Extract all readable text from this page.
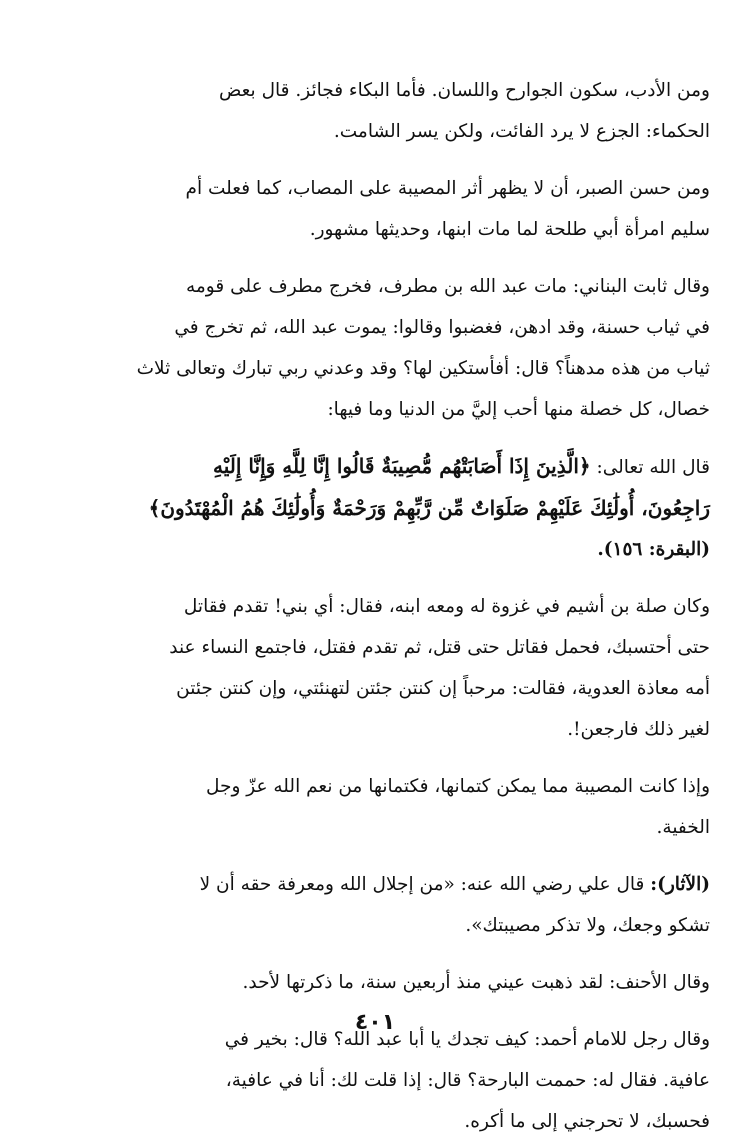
ومن الأدب، سكون الجوارح واللسان. فأما البكاء فجائز. قال بعض
الحكماء: الجزع لا يرد الفائت، ولكن يسر الشامت.

ومن حسن الصبر، أن لا يظهر أثر المصيبة على المصاب، كما فعلت أم
سليم امرأة أبي طلحة لما مات ابنها، وحديثها مشهور.

وقال ثابت البناني: مات عبد الله بن مطرف، فخرج مطرف على قومه
في ثياب حسنة، وقد ادهن، فغضبوا وقالوا: يموت عبد الله، ثم تخرج في
ثياب من هذه مدهناً؟ قال: أفأستكين لها؟ وقد وعدني ربي تبارك وتعالى ثلاث
خصال، كل خصلة منها أحب إليَّ من الدنيا وما فيها:

قال الله تعالى: ﴿الَّذِينَ إِذَا أَصَابَتْهُم مُّصِيبَةٌ قَالُوا إِنَّا لِلَّهِ وَإِنَّا إِلَيْهِ
رَاجِعُونَ، أُولَٰئِكَ عَلَيْهِمْ صَلَوَاتٌ مِّن رَّبِّهِمْ وَرَحْمَةٌ وَأُولَٰئِكَ هُمُ الْمُهْتَدُونَ﴾
(البقرة: ١٥٦).

وكان صلة بن أشيم في غزوة له ومعه ابنه، فقال: أي بني! تقدم فقاتل
حتى أحتسبك، فحمل فقاتل حتى قتل، ثم تقدم فقتل، فاجتمع النساء عند
أمه معاذة العدوية، فقالت: مرحباً إن كنتن جئتن لتهنئتي، وإن كنتن جئتن
لغير ذلك فارجعن!.

وإذا كانت المصيبة مما يمكن كتمانها، فكتمانها من نعم الله عزّ وجل
الخفية.

(الآثار): قال علي رضي الله عنه: «من إجلال الله ومعرفة حقه أن لا
تشكو وجعك، ولا تذكر مصيبتك».

وقال الأحنف: لقد ذهبت عيني منذ أربعين سنة، ما ذكرتها لأحد.

وقال رجل للامام أحمد: كيف تجدك يا أبا عبد الله؟ قال: بخير في
عافية. فقال له: حممت البارحة؟ قال: إذا قلت لك: أنا في عافية،
فحسبك، لا تحرجني إلى ما أكره.

٤٠١
